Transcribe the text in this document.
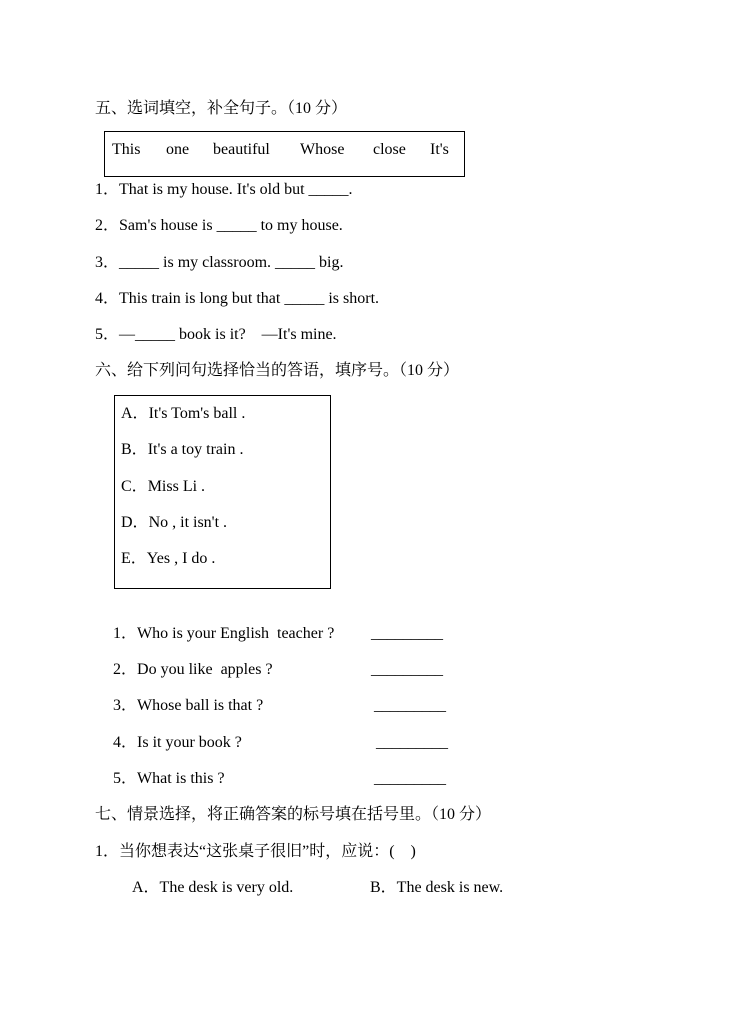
五、选词填空，补全句子。（10 分）
This one beautiful Whose close It's
1．That is my house. It's old but _____.
2．Sam's house is _____ to my house.
3．_____ is my classroom. _____ big.
4．This train is long but that _____ is short.
5．—_____ book is it?    —It's mine.
六、给下列问句选择恰当的答语，填序号。（10 分）
A．It's Tom's ball .
B．It's a toy train .
C．Miss Li .
D．No , it isn't .
E．Yes , I do .
1．Who is your English  teacher ? _________
2．Do you like  apples ?	_________
3．Whose ball is that ?	_________
4．Is it your book ?	_________
5．What is this ?	_________
七、情景选择，将正确答案的标号填在括号里。（10 分）
1．当你想表达“这张桌子很旧”时，应说：(    )
A．The desk is very old.	B．The desk is new.
